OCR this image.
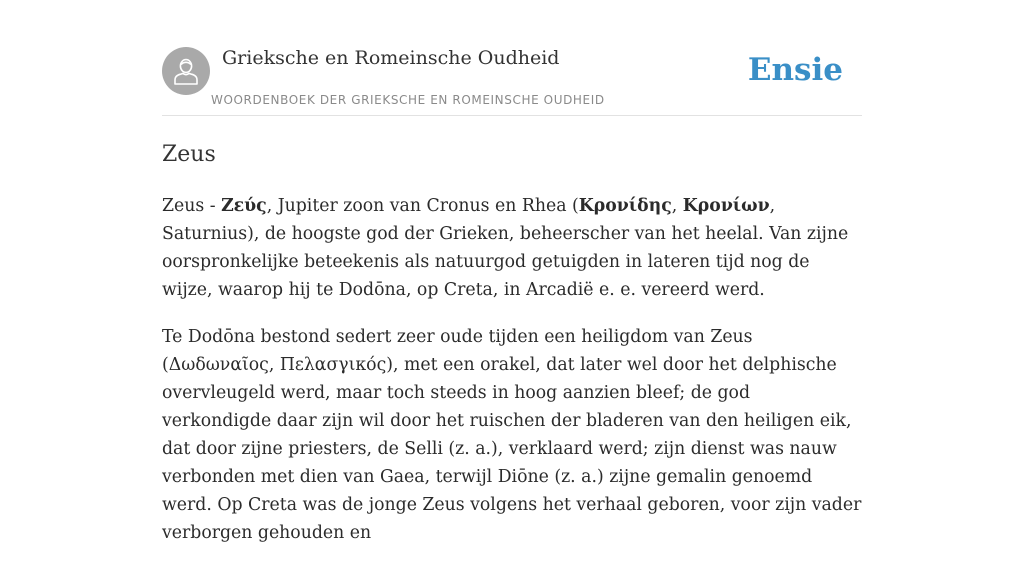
Grieksche en Romeinsche Oudheid
WOORDENBOEK DER GRIEKSCHE EN ROMEINSCHE OUDHEID
Ensie
Zeus

Zeus - Ζεύς, Jupiter zoon van Cronus en Rhea (Κρονίδης, Κρονίων, Saturnius), de hoogste god der Grieken, beheerscher van het heelal. Van zijne oorspronkelijke beteekenis als natuurgod getuigden in lateren tijd nog de wijze, waarop hij te Dodōna, op Creta, in Arcadië e. e. vereerd werd.

Te Dodōna bestond sedert zeer oude tijden een heiligdom van Zeus (Δωδωναῖος, Πελασγικός), met een orakel, dat later wel door het delphische overvleugeld werd, maar toch steeds in hoog aanzien bleef; de god verkondigde daar zijn wil door het ruischen der bladeren van den heiligen eik, dat door zijne priesters, de Selli (z. a.), verklaard werd; zijn dienst was nauw verbonden met dien van Gaea, terwijl Diōne (z. a.) zijne gemalin genoemd werd. Op Creta was de jonge Zeus volgens het verhaal geboren, voor zijn vader verborgen gehouden en
